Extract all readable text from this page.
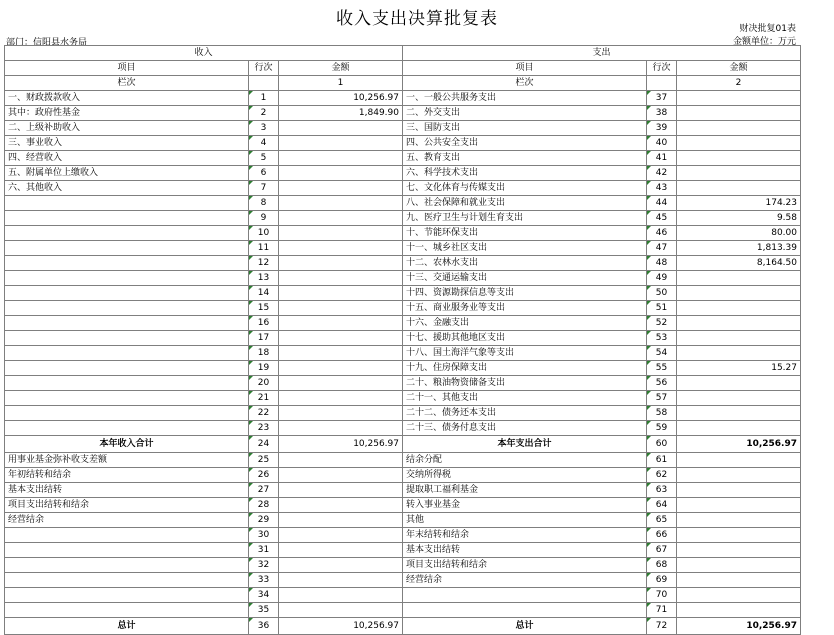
收入支出决算批复表	财决批复01表
金额单位：万元
部门：信阳县水务局
收入			支出		
项目	行次	金额	项目	行次	金额
栏次		1	栏次		2
一、财政拨款收入	1	10,256.97	一、一般公共服务支出	37	
其中：政府性基金	2	1,849.90	二、外交支出	38	
二、上级补助收入	3		三、国防支出	39	
三、事业收入	4		四、公共安全支出	40	
四、经营收入	5		五、教育支出	41	
五、附属单位上缴收入	6		六、科学技术支出	42	
六、其他收入	7		七、文化体育与传媒支出	43	
	8		八、社会保障和就业支出	44	174.23
	9		九、医疗卫生与计划生育支出	45	9.58
	10		十、节能环保支出	46	80.00
	11		十一、城乡社区支出	47	1,813.39
	12		十二、农林水支出	48	8,164.50
	13		十三、交通运输支出	49	
	14		十四、资源勘探信息等支出	50	
	15		十五、商业服务业等支出	51	
	16		十六、金融支出	52	
	17		十七、援助其他地区支出	53	
	18		十八、国土海洋气象等支出	54	
	19		十九、住房保障支出	55	15.27
	20		二十、粮油物资储备支出	56	
	21		二十一、其他支出	57	
	22		二十二、债务还本支出	58	
	23		二十三、债务付息支出	59	
本年收入合计	24	10,256.97	本年支出合计	60	10,256.97
用事业基金弥补收支差额	25		结余分配	61	
年初结转和结余	26		交纳所得税	62	
基本支出结转	27		提取职工福利基金	63	
项目支出结转和结余	28		转入事业基金	64	
经营结余	29		其他	65	
	30		年末结转和结余	66	
	31		基本支出结转	67	
	32		项目支出结转和结余	68	
	33		经营结余	69	
	34			70	
	35			71	
总计	36	10,256.97	总计	72	10,256.97
